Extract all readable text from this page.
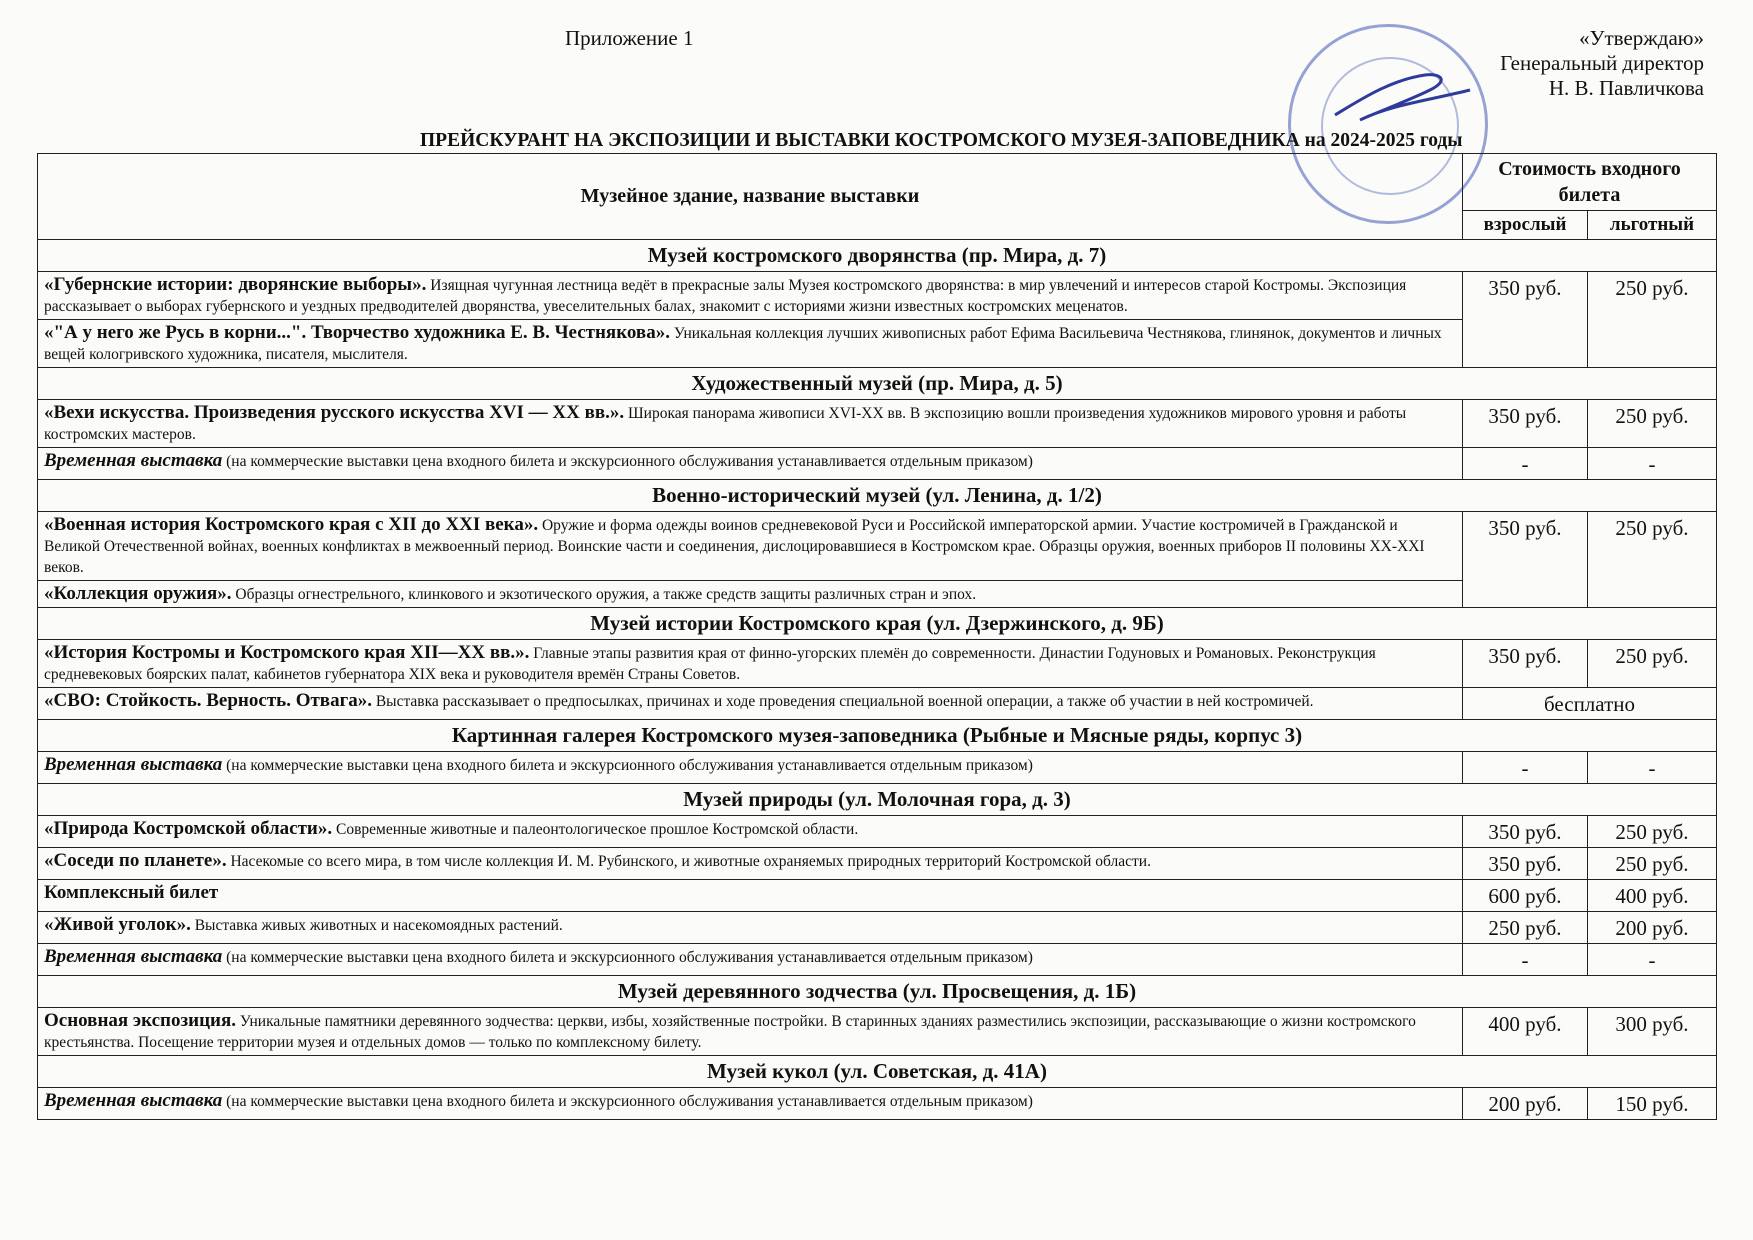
Приложение 1	«Утверждаю»
Генеральный директор
Н. В. Павличкова
ПРЕЙСКУРАНТ НА ЭКСПОЗИЦИИ И ВЫСТАВКИ КОСТРОМСКОГО МУЗЕЯ-ЗАПОВЕДНИКА на 2024-2025 годы
Музейное здание, название выставки	Стоимость входного билета	
	взрослый	льготный
Музей костромского дворянства (пр. Мира, д. 7)		
«Губернские истории: дворянские выборы». Изящная чугунная лестница ведёт в прекрасные залы Музея костромского дворянства: в мир увлечений и интересов старой Костромы. Экспозиция рассказывает о выборах губернского и уездных предводителей дворянства, увеселительных балах, знакомит с историями жизни известных костромских меценатов.	350 руб.	250 руб.
«"А у него же Русь в корни...". Творчество художника Е. В. Честнякова». Уникальная коллекция лучших живописных работ Ефима Васильевича Честнякова, глинянок, документов и личных вещей кологривского художника, писателя, мыслителя.		
Художественный музей (пр. Мира, д. 5)		
«Вехи искусства. Произведения русского искусства XVI — XX вв.». Широкая панорама живописи XVI-XX вв. В экспозицию вошли произведения художников мирового уровня и работы костромских мастеров.	350 руб.	250 руб.
Временная выставка (на коммерческие выставки цена входного билета и экскурсионного обслуживания устанавливается отдельным приказом)	-	-
Военно-исторический музей (ул. Ленина, д. 1/2)		
«Военная история Костромского края с XII до XXI века». Оружие и форма одежды воинов средневековой Руси и Российской императорской армии. Участие костромичей в Гражданской и Великой Отечественной войнах, военных конфликтах в межвоенный период. Воинские части и соединения, дислоцировавшиеся в Костромском крае. Образцы оружия, военных приборов II половины XX-XXI веков.	350 руб.	250 руб.
«Коллекция оружия». Образцы огнестрельного, клинкового и экзотического оружия, а также средств защиты различных стран и эпох.		
Музей истории Костромского края (ул. Дзержинского, д. 9Б)		
«История Костромы и Костромского края XII—XX вв.». Главные этапы развития края от финно-угорских племён до современности. Династии Годуновых и Романовых. Реконструкция средневековых боярских палат, кабинетов губернатора XIX века и руководителя времён Страны Советов.	350 руб.	250 руб.
«СВО: Стойкость. Верность. Отвага». Выставка рассказывает о предпосылках, причинах и ходе проведения специальной военной операции, а также об участии в ней костромичей.	бесплатно	
Картинная галерея Костромского музея-заповедника (Рыбные и Мясные ряды, корпус 3)		
Временная выставка (на коммерческие выставки цена входного билета и экскурсионного обслуживания устанавливается отдельным приказом)	-	-
Музей природы (ул. Молочная гора, д. 3)		
«Природа Костромской области». Современные животные и палеонтологическое прошлое Костромской области.	350 руб.	250 руб.
«Соседи по планете». Насекомые со всего мира, в том числе коллекция И. М. Рубинского, и животные охраняемых природных территорий Костромской области.	350 руб.	250 руб.
Комплексный билет	600 руб.	400 руб.
«Живой уголок». Выставка живых животных и насекомоядных растений.	250 руб.	200 руб.
Временная выставка (на коммерческие выставки цена входного билета и экскурсионного обслуживания устанавливается отдельным приказом)	-	-
Музей деревянного зодчества (ул. Просвещения, д. 1Б)		
Основная экспозиция. Уникальные памятники деревянного зодчества: церкви, избы, хозяйственные постройки. В старинных зданиях разместились экспозиции, рассказывающие о жизни костромского крестьянства. Посещение территории музея и отдельных домов — только по комплексному билету.	400 руб.	300 руб.
Музей кукол (ул. Советская, д. 41А)		
Временная выставка (на коммерческие выставки цена входного билета и экскурсионного обслуживания устанавливается отдельным приказом)	200 руб.	150 руб.
